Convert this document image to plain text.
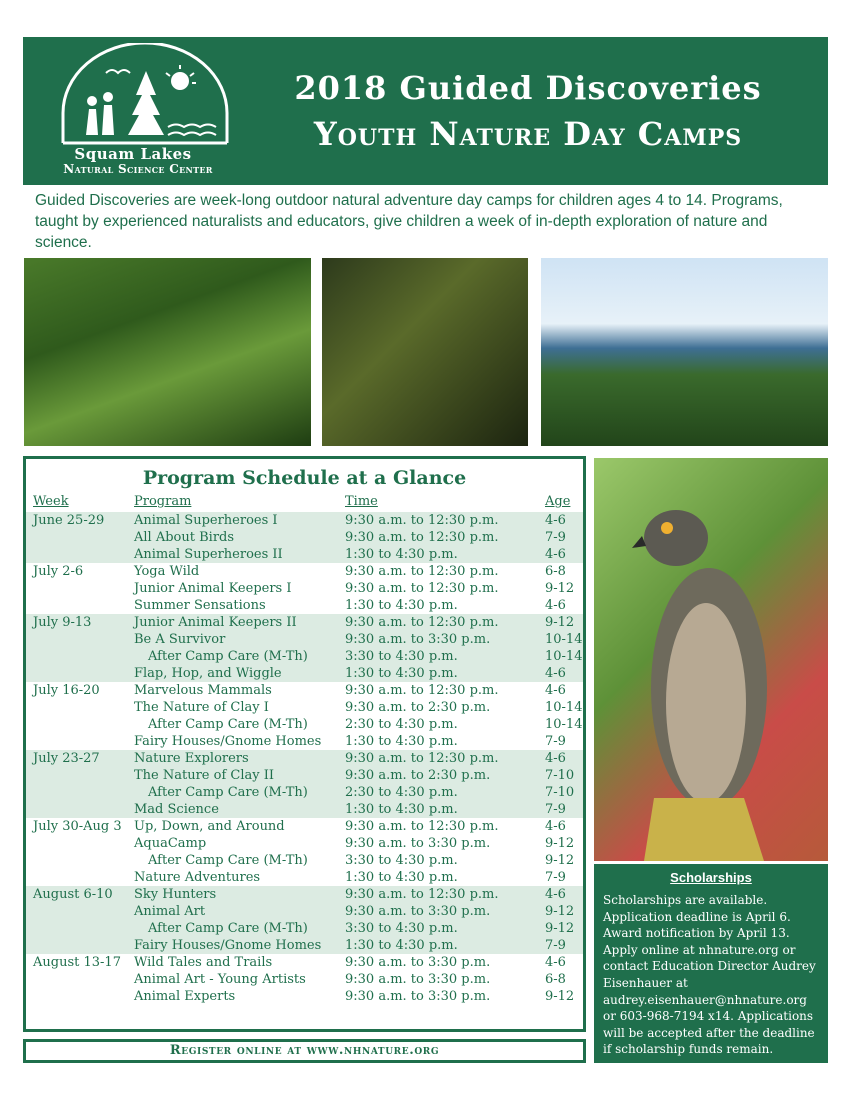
Squam Lakes
Natural Science Center
2018 Guided Discoveries
Youth Nature Day Camps
Guided Discoveries are week-long outdoor natural adventure day camps for children ages 4 to 14. Programs, taught by experienced naturalists and educators, give children a week of in-depth exploration of nature and science.
Program Schedule at a Glance
Week	Program	Time	Age
June 25-29 Animal Superheroes I	9:30 a.m. to 12:30 p.m.	4-6
All About Birds	9:30 a.m. to 12:30 p.m.	7-9
Animal Superheroes II	1:30 to 4:30 p.m.	4-6
July 2-6	Yoga Wild	9:30 a.m. to 12:30 p.m.	6-8
Junior Animal Keepers I	9:30 a.m. to 12:30 p.m.	9-12
Summer Sensations	1:30 to 4:30 p.m.	4-6
July 9-13	Junior Animal Keepers II	9:30 a.m. to 12:30 p.m.	9-12
Be A Survivor	9:30 a.m. to 3:30 p.m.	10-14
After Camp Care (M-Th)	3:30 to 4:30 p.m.	10-14
Flap, Hop, and Wiggle	1:30 to 4:30 p.m.	4-6
July 16-20	Marvelous Mammals	9:30 a.m. to 12:30 p.m.	4-6
The Nature of Clay I	9:30 a.m. to 2:30 p.m.	10-14
After Camp Care (M-Th)	2:30 to 4:30 p.m.	10-14
Fairy Houses/Gnome Homes 1:30 to 4:30 p.m.	7-9
July 23-27	Nature Explorers	9:30 a.m. to 12:30 p.m.	4-6
The Nature of Clay II	9:30 a.m. to 2:30 p.m.	7-10
After Camp Care (M-Th)	2:30 to 4:30 p.m.	7-10
Mad Science	1:30 to 4:30 p.m.	7-9
July 30-Aug 3 Up, Down, and Around	9:30 a.m. to 12:30 p.m.	4-6
AquaCamp	9:30 a.m. to 3:30 p.m.	9-12
After Camp Care (M-Th)	3:30 to 4:30 p.m.	9-12
Nature Adventures	1:30 to 4:30 p.m.	7-9
August 6-10 Sky Hunters	9:30 a.m. to 12:30 p.m.	4-6
Animal Art	9:30 a.m. to 3:30 p.m.	9-12
After Camp Care (M-Th)	3:30 to 4:30 p.m.	9-12
Fairy Houses/Gnome Homes 1:30 to 4:30 p.m.	7-9
August 13-17 Wild Tales and Trails	9:30 a.m. to 3:30 p.m.	4-6
Animal Art - Young Artists	9:30 a.m. to 3:30 p.m.	6-8
Animal Experts	9:30 a.m. to 3:30 p.m.	9-12
Register online at www.nhnature.org
Scholarships
Scholarships are available. Application deadline is April 6. Award notification by April 13. Apply online at nhnature.org or contact Education Director Audrey Eisenhauer at audrey.eisenhauer@nhnature.org or 603-968-7194 x14. Applications will be accepted after the deadline if scholarship funds remain.
